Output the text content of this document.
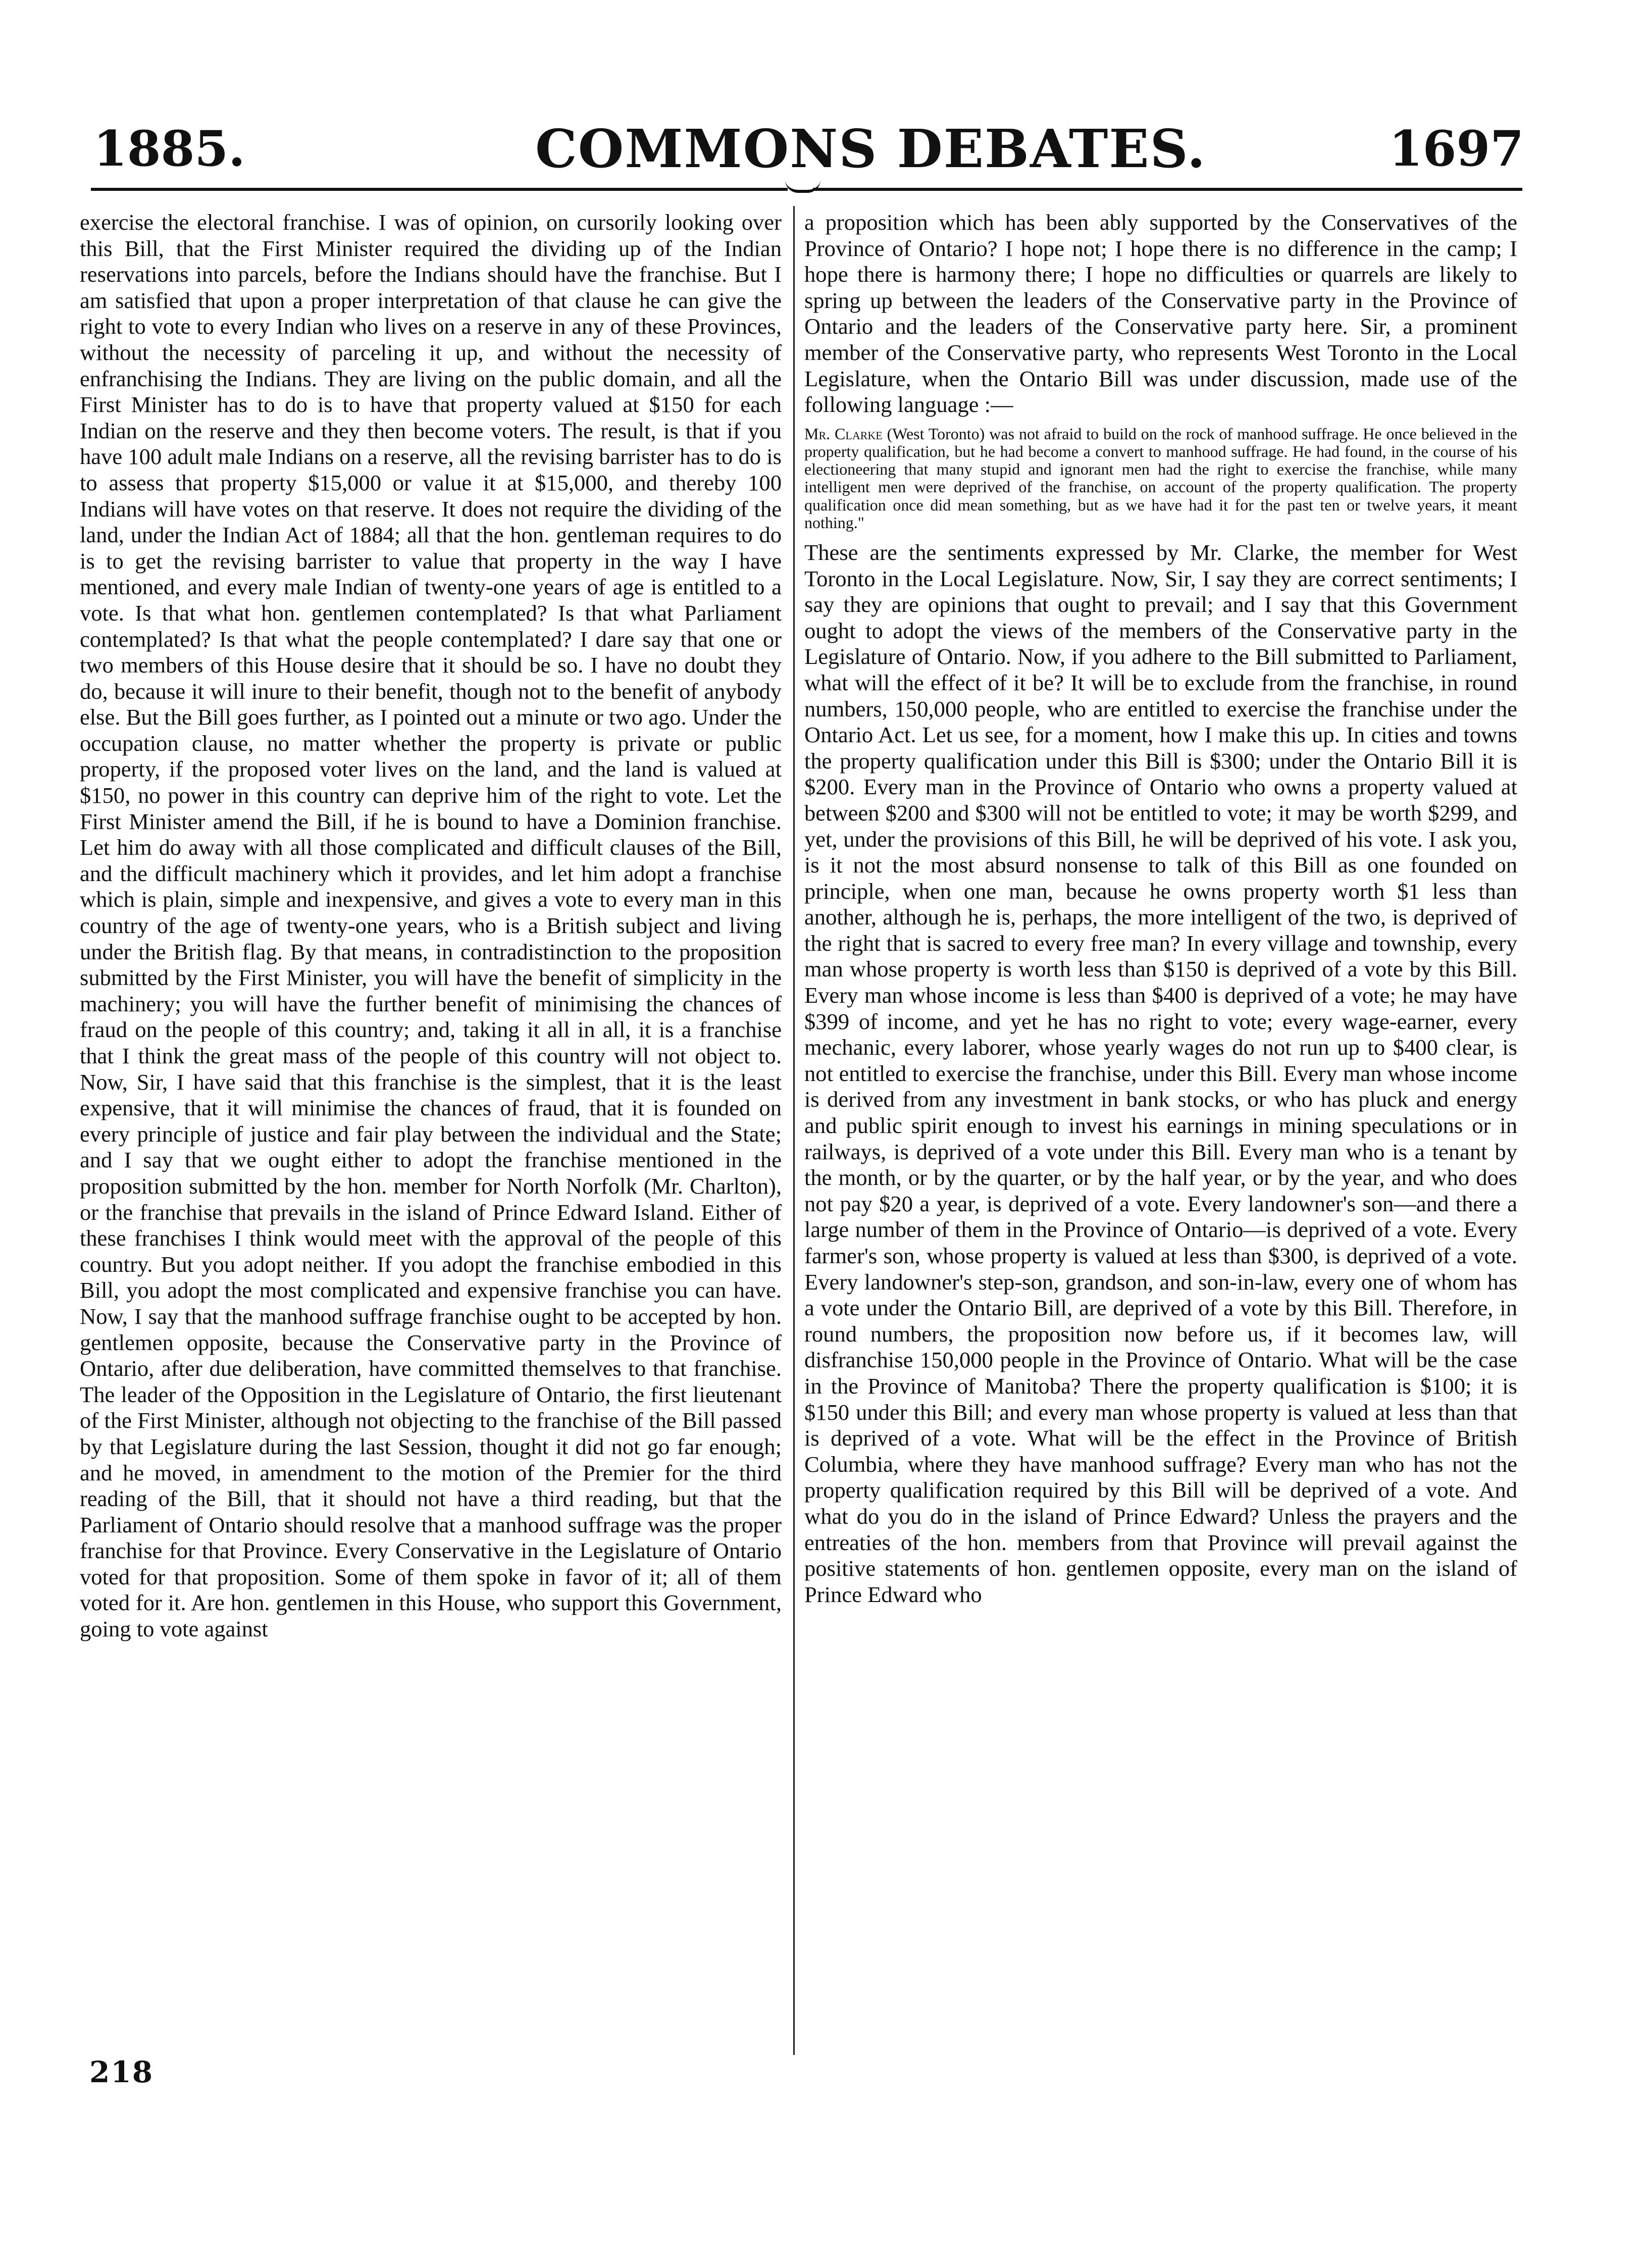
1885.	COMMONS DEBATES.	1697

exercise the electoral franchise. I was of opinion, on cursorily looking over this Bill, that the First Minister required the dividing up of the Indian reservations into parcels, before the Indians should have the franchise. But I am satisfied that upon a proper interpretation of that clause he can give the right to vote to every Indian who lives on a reserve in any of these Provinces, without the necessity of parceling it up, and without the necessity of enfranchising the Indians. They are living on the public domain, and all the First Minister has to do is to have that property valued at $150 for each Indian on the reserve and they then become voters. The result, is that if you have 100 adult male Indians on a reserve, all the revising barrister has to do is to assess that property $15,000 or value it at $15,000, and thereby 100 Indians will have votes on that reserve. It does not require the dividing of the land, under the Indian Act of 1884; all that the hon. gentleman requires to do is to get the revising barrister to value that property in the way I have mentioned, and every male Indian of twenty-one years of age is entitled to a vote. Is that what hon. gentlemen contemplated? Is that what Parliament contemplated? Is that what the people contemplated? I dare say that one or two members of this House desire that it should be so. I have no doubt they do, because it will inure to their benefit, though not to the benefit of anybody else. But the Bill goes further, as I pointed out a minute or two ago. Under the occupation clause, no matter whether the property is private or public property, if the proposed voter lives on the land, and the land is valued at $150, no power in this country can deprive him of the right to vote. Let the First Minister amend the Bill, if he is bound to have a Dominion franchise. Let him do away with all those complicated and difficult clauses of the Bill, and the difficult machinery which it provides, and let him adopt a franchise which is plain, simple and inexpensive, and gives a vote to every man in this country of the age of twenty-one years, who is a British subject and living under the British flag. By that means, in contradistinction to the proposition submitted by the First Minister, you will have the benefit of simplicity in the machinery; you will have the further benefit of minimising the chances of fraud on the people of this country; and, taking it all in all, it is a franchise that I think the great mass of the people of this country will not object to. Now, Sir, I have said that this franchise is the simplest, that it is the least expensive, that it will minimise the chances of fraud, that it is founded on every principle of justice and fair play between the individual and the State; and I say that we ought either to adopt the franchise mentioned in the proposition submitted by the hon. member for North Norfolk (Mr. Charlton), or the franchise that prevails in the island of Prince Edward Island. Either of these franchises I think would meet with the approval of the people of this country. But you adopt neither. If you adopt the franchise embodied in this Bill, you adopt the most complicated and expensive franchise you can have. Now, I say that the manhood suffrage franchise ought to be accepted by hon. gentlemen opposite, because the Conservative party in the Province of Ontario, after due deliberation, have committed themselves to that franchise. The leader of the Opposition in the Legislature of Ontario, the first lieutenant of the First Minister, although not objecting to the franchise of the Bill passed by that Legislature during the last Session, thought it did not go far enough; and he moved, in amendment to the motion of the Premier for the third reading of the Bill, that it should not have a third reading, but that the Parliament of Ontario should resolve that a manhood suffrage was the proper franchise for that Province. Every Conservative in the Legislature of Ontario voted for that proposition. Some of them spoke in favor of it; all of them voted for it. Are hon. gentlemen in this House, who support this Government, going to vote against

a proposition which has been ably supported by the Conservatives of the Province of Ontario? I hope not; I hope there is no difference in the camp; I hope there is harmony there; I hope no difficulties or quarrels are likely to spring up between the leaders of the Conservative party in the Province of Ontario and the leaders of the Conservative party here. Sir, a prominent member of the Conservative party, who represents West Toronto in the Local Legislature, when the Ontario Bill was under discussion, made use of the following language :—

Mr. Clarke (West Toronto) was not afraid to build on the rock of manhood suffrage. He once believed in the property qualification, but he had become a convert to manhood suffrage. He had found, in the course of his electioneering that many stupid and ignorant men had the right to exercise the franchise, while many intelligent men were deprived of the franchise, on account of the property qualification. The property qualification once did mean something, but as we have had it for the past ten or twelve years, it meant nothing."

These are the sentiments expressed by Mr. Clarke, the member for West Toronto in the Local Legislature. Now, Sir, I say they are correct sentiments; I say they are opinions that ought to prevail; and I say that this Government ought to adopt the views of the members of the Conservative party in the Legislature of Ontario. Now, if you adhere to the Bill submitted to Parliament, what will the effect of it be? It will be to exclude from the franchise, in round numbers, 150,000 people, who are entitled to exercise the franchise under the Ontario Act. Let us see, for a moment, how I make this up. In cities and towns the property qualification under this Bill is $300; under the Ontario Bill it is $200. Every man in the Province of Ontario who owns a property valued at between $200 and $300 will not be entitled to vote; it may be worth $299, and yet, under the provisions of this Bill, he will be deprived of his vote. I ask you, is it not the most absurd nonsense to talk of this Bill as one founded on principle, when one man, because he owns property worth $1 less than another, although he is, perhaps, the more intelligent of the two, is deprived of the right that is sacred to every free man? In every village and township, every man whose property is worth less than $150 is deprived of a vote by this Bill. Every man whose income is less than $400 is deprived of a vote; he may have $399 of income, and yet he has no right to vote; every wage-earner, every mechanic, every laborer, whose yearly wages do not run up to $400 clear, is not entitled to exercise the franchise, under this Bill. Every man whose income is derived from any investment in bank stocks, or who has pluck and energy and public spirit enough to invest his earnings in mining speculations or in railways, is deprived of a vote under this Bill. Every man who is a tenant by the month, or by the quarter, or by the half year, or by the year, and who does not pay $20 a year, is deprived of a vote. Every landowner's son—and there a large number of them in the Province of Ontario—is deprived of a vote. Every farmer's son, whose property is valued at less than $300, is deprived of a vote. Every landowner's step-son, grandson, and son-in-law, every one of whom has a vote under the Ontario Bill, are deprived of a vote by this Bill. Therefore, in round numbers, the proposition now before us, if it becomes law, will disfranchise 150,000 people in the Province of Ontario. What will be the case in the Province of Manitoba? There the property qualification is $100; it is $150 under this Bill; and every man whose property is valued at less than that is deprived of a vote. What will be the effect in the Province of British Columbia, where they have manhood suffrage? Every man who has not the property qualification required by this Bill will be deprived of a vote. And what do you do in the island of Prince Edward? Unless the prayers and the entreaties of the hon. members from that Province will prevail against the positive statements of hon. gentlemen opposite, every man on the island of Prince Edward who

218
